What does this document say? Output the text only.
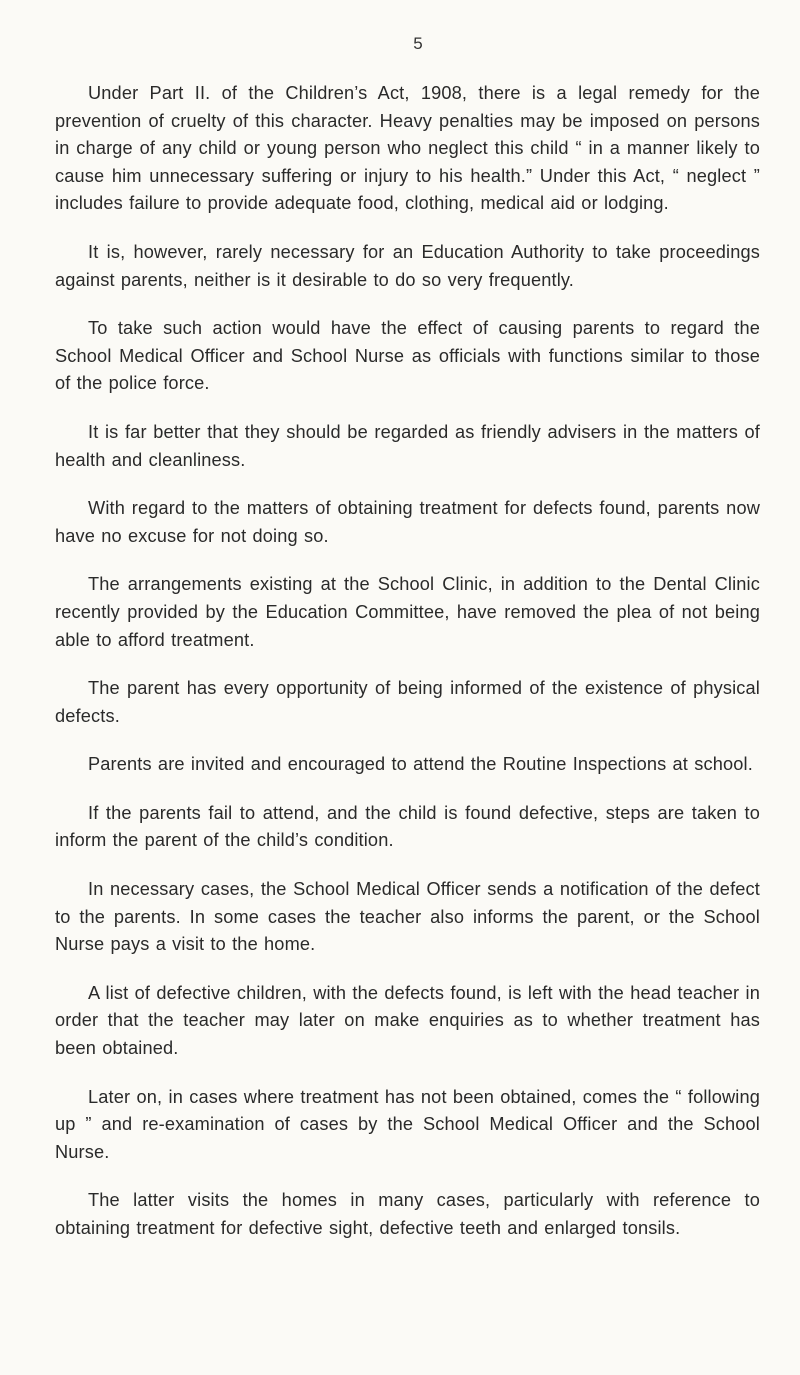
5

Under Part II. of the Children’s Act, 1908, there is a legal remedy for the prevention of cruelty of this character. Heavy penalties may be imposed on persons in charge of any child or young person who neglect this child “ in a manner likely to cause him unnecessary suffering or injury to his health.” Under this Act, “ neglect ” includes failure to provide adequate food, clothing, medical aid or lodging.

It is, however, rarely necessary for an Education Authority to take proceedings against parents, neither is it desirable to do so very frequently.

To take such action would have the effect of causing parents to regard the School Medical Officer and School Nurse as officials with functions similar to those of the police force.

It is far better that they should be regarded as friendly advisers in the matters of health and cleanliness.

With regard to the matters of obtaining treatment for defects found, parents now have no excuse for not doing so.

The arrangements existing at the School Clinic, in addition to the Dental Clinic recently provided by the Education Committee, have removed the plea of not being able to afford treatment.

The parent has every opportunity of being informed of the existence of physical defects.

Parents are invited and encouraged to attend the Routine Inspections at school.

If the parents fail to attend, and the child is found defective, steps are taken to inform the parent of the child’s condition.

In necessary cases, the School Medical Officer sends a notification of the defect to the parents. In some cases the teacher also informs the parent, or the School Nurse pays a visit to the home.

A list of defective children, with the defects found, is left with the head teacher in order that the teacher may later on make enquiries as to whether treatment has been obtained.

Later on, in cases where treatment has not been obtained, comes the “ following up ” and re-examination of cases by the School Medical Officer and the School Nurse.

The latter visits the homes in many cases, particularly with reference to obtaining treatment for defective sight, defective teeth and enlarged tonsils.
